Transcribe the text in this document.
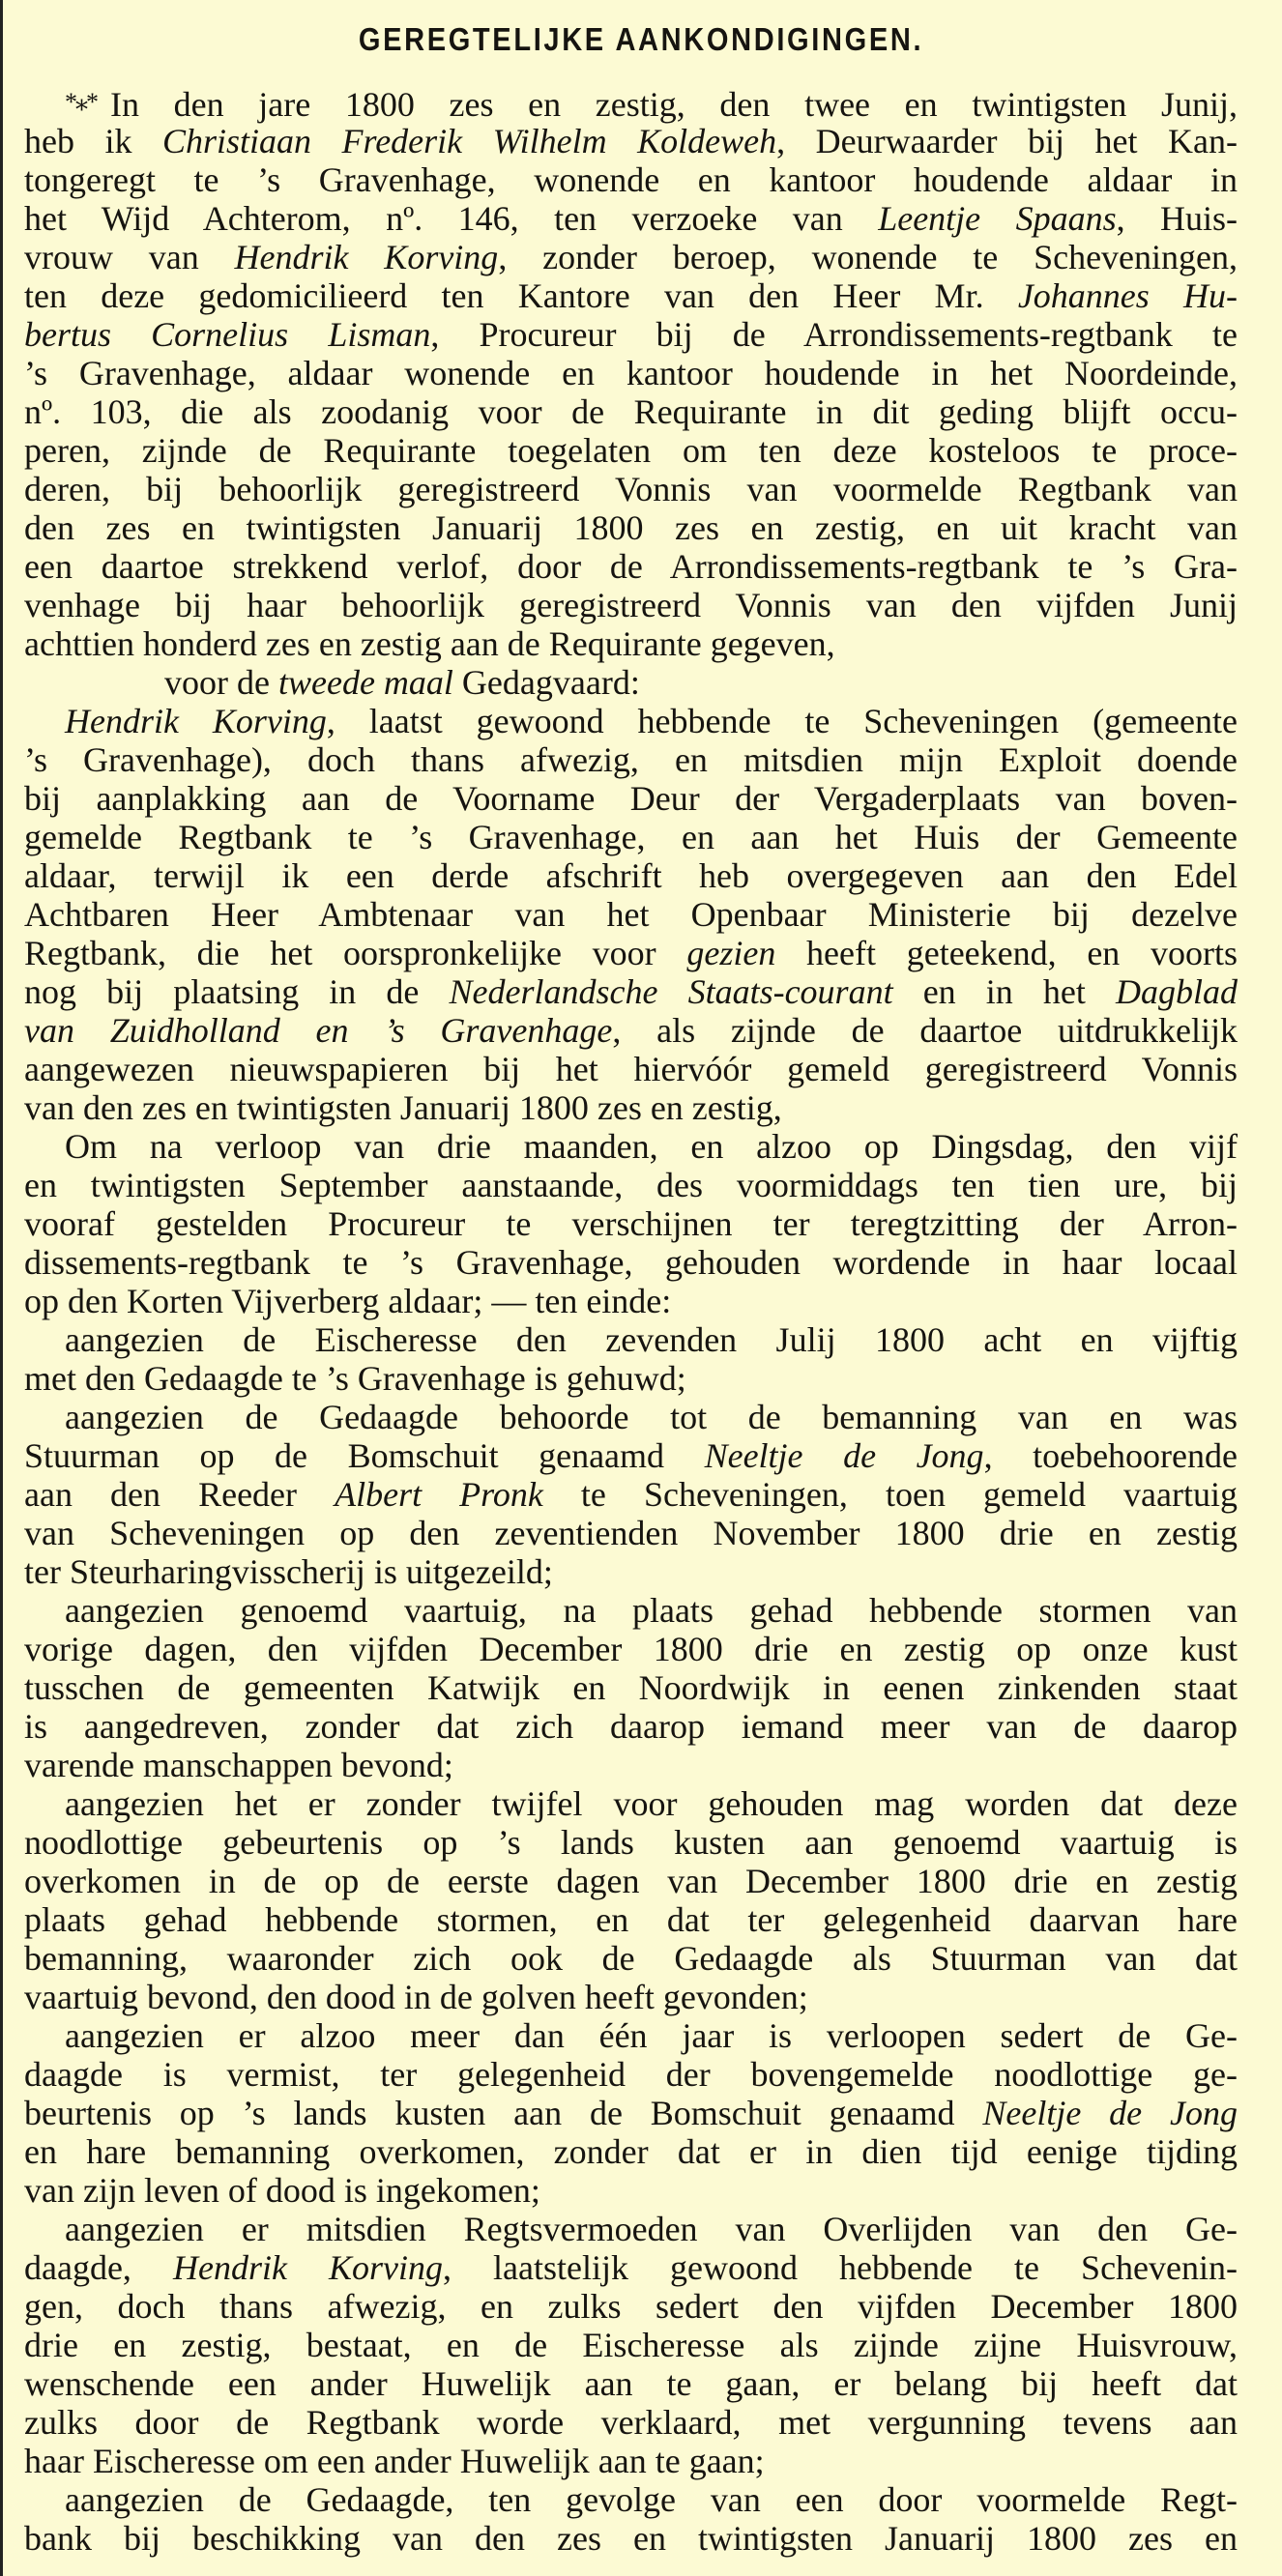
GEREGTELIJKE AANKONDIGINGEN.
*⁎* In den jare 1800 zes en zestig, den twee en twintigsten Junij,
heb ik Christiaan Frederik Wilhelm Koldeweh, Deurwaarder bij het Kan-
tongeregt te ’s Gravenhage, wonende en kantoor houdende aldaar in
het Wijd Achterom, nº. 146, ten verzoeke van Leentje Spaans, Huis-
vrouw van Hendrik Korving, zonder beroep, wonende te Scheveningen,
ten deze gedomicilieerd ten Kantore van den Heer Mr. Johannes Hu-
bertus Cornelius Lisman, Procureur bij de Arrondissements-regtbank te
’s Gravenhage, aldaar wonende en kantoor houdende in het Noordeinde,
nº. 103, die als zoodanig voor de Requirante in dit geding blijft occu-
peren, zijnde de Requirante toegelaten om ten deze kosteloos te proce-
deren, bij behoorlijk geregistreerd Vonnis van voormelde Regtbank van
den zes en twintigsten Januarij 1800 zes en zestig, en uit kracht van
een daartoe strekkend verlof, door de Arrondissements-regtbank te ’s Gra-
venhage bij haar behoorlijk geregistreerd Vonnis van den vijfden Junij
achttien honderd zes en zestig aan de Requirante gegeven,
voor de tweede maal Gedagvaard:
Hendrik Korving, laatst gewoond hebbende te Scheveningen (gemeente
’s Gravenhage), doch thans afwezig, en mitsdien mijn Exploit doende
bij aanplakking aan de Voorname Deur der Vergaderplaats van boven-
gemelde Regtbank te ’s Gravenhage, en aan het Huis der Gemeente
aldaar, terwijl ik een derde afschrift heb overgegeven aan den Edel
Achtbaren Heer Ambtenaar van het Openbaar Ministerie bij dezelve
Regtbank, die het oorspronkelijke voor gezien heeft geteekend, en voorts
nog bij plaatsing in de Nederlandsche Staats-courant en in het Dagblad
van Zuidholland en ’s Gravenhage, als zijnde de daartoe uitdrukkelijk
aangewezen nieuwspapieren bij het hiervóór gemeld geregistreerd Vonnis
van den zes en twintigsten Januarij 1800 zes en zestig,
Om na verloop van drie maanden, en alzoo op Dingsdag, den vijf
en twintigsten September aanstaande, des voormiddags ten tien ure, bij
vooraf gestelden Procureur te verschijnen ter teregtzitting der Arron-
dissements-regtbank te ’s Gravenhage, gehouden wordende in haar locaal
op den Korten Vijverberg aldaar; — ten einde:
aangezien de Eischeresse den zevenden Julij 1800 acht en vijftig
met den Gedaagde te ’s Gravenhage is gehuwd;
aangezien de Gedaagde behoorde tot de bemanning van en was
Stuurman op de Bomschuit genaamd Neeltje de Jong, toebehoorende
aan den Reeder Albert Pronk te Scheveningen, toen gemeld vaartuig
van Scheveningen op den zeventienden November 1800 drie en zestig
ter Steurharingvisscherij is uitgezeild;
aangezien genoemd vaartuig, na plaats gehad hebbende stormen van
vorige dagen, den vijfden December 1800 drie en zestig op onze kust
tusschen de gemeenten Katwijk en Noordwijk in eenen zinkenden staat
is aangedreven, zonder dat zich daarop iemand meer van de daarop
varende manschappen bevond;
aangezien het er zonder twijfel voor gehouden mag worden dat deze
noodlottige gebeurtenis op ’s lands kusten aan genoemd vaartuig is
overkomen in de op de eerste dagen van December 1800 drie en zestig
plaats gehad hebbende stormen, en dat ter gelegenheid daarvan hare
bemanning, waaronder zich ook de Gedaagde als Stuurman van dat
vaartuig bevond, den dood in de golven heeft gevonden;
aangezien er alzoo meer dan één jaar is verloopen sedert de Ge-
daagde is vermist, ter gelegenheid der bovengemelde noodlottige ge-
beurtenis op ’s lands kusten aan de Bomschuit genaamd Neeltje de Jong
en hare bemanning overkomen, zonder dat er in dien tijd eenige tijding
van zijn leven of dood is ingekomen;
aangezien er mitsdien Regtsvermoeden van Overlijden van den Ge-
daagde, Hendrik Korving, laatstelijk gewoond hebbende te Schevenin-
gen, doch thans afwezig, en zulks sedert den vijfden December 1800
drie en zestig, bestaat, en de Eischeresse als zijnde zijne Huisvrouw,
wenschende een ander Huwelijk aan te gaan, er belang bij heeft dat
zulks door de Regtbank worde verklaard, met vergunning tevens aan
haar Eischeresse om een ander Huwelijk aan te gaan;
aangezien de Gedaagde, ten gevolge van een door voormelde Regt-
bank bij beschikking van den zes en twintigsten Januarij 1800 zes en
